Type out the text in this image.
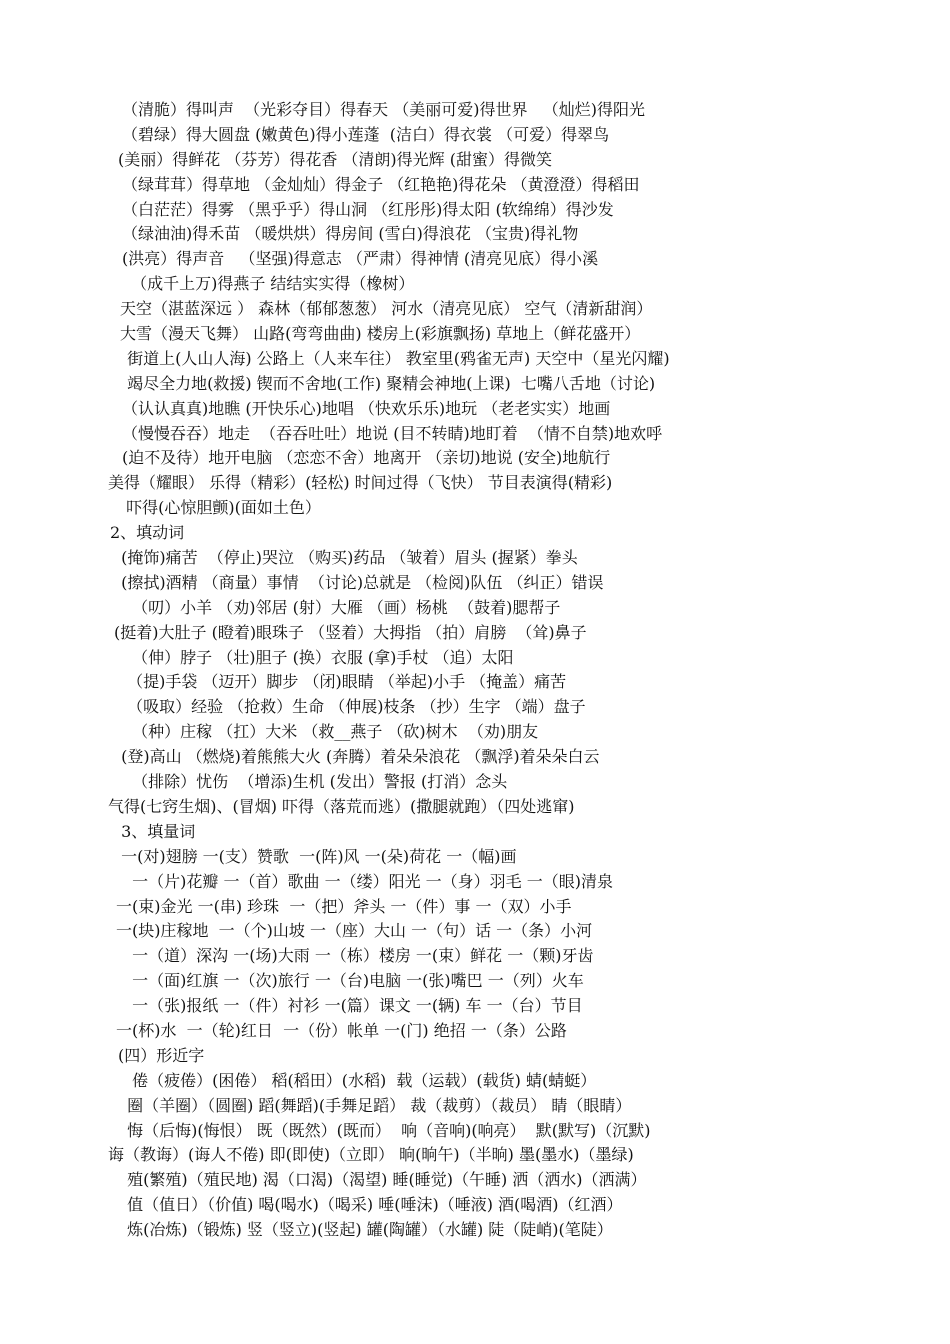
（清脆）得叫声  （光彩夺目）得春天 （美丽可爱)得世界   （灿烂)得阳光
（碧绿）得大圆盘 (嫩黄色)得小莲蓬  (洁白）得衣裳 （可爱）得翠鸟
(美丽）得鲜花 （芬芳）得花香 （清朗)得光辉 (甜蜜）得微笑
（绿茸茸）得草地 （金灿灿）得金子 （红艳艳)得花朵 （黄澄澄）得稻田
（白茫茫）得雾 （黑乎乎）得山洞 （红彤彤)得太阳 (软绵绵）得沙发
（绿油油)得禾苗 （暖烘烘）得房间 (雪白)得浪花 （宝贵)得礼物
(洪亮）得声音   （坚强)得意志 （严肃）得神情 (清亮见底）得小溪
（成千上万)得燕子 结结实实得（橡树）
天空（湛蓝深远 ） 森林（郁郁葱葱） 河水（清亮见底） 空气（清新甜润）
大雪（漫天飞舞） 山路(弯弯曲曲) 楼房上(彩旗飘扬) 草地上（鲜花盛开）
街道上(人山人海) 公路上（人来车往） 教室里(鸦雀无声) 天空中（星光闪耀)
竭尽全力地(救援) 锲而不舍地(工作) 聚精会神地(上课)  七嘴八舌地（讨论)
（认认真真)地瞧 (开快乐心)地唱 （快欢乐乐)地玩 （老老实实）地画
（慢慢吞吞）地走  （吞吞吐吐）地说 (目不转睛)地盯着  （情不自禁)地欢呼
(迫不及待）地开电脑 （恋恋不舍）地离开 （亲切)地说 (安全)地航行
美得（耀眼） 乐得（精彩）(轻松) 时间过得（飞快） 节目表演得(精彩)
吓得(心惊胆颤)(面如土色）
2、填动词
(掩饰)痛苦  （停止)哭泣 （购买)药品 （皱着）眉头 (握紧）拳头
(擦拭)酒精 （商量）事情  （讨论)总就是 （检阅)队伍 （纠正）错误
（叨）小羊 （劝)邻居 (射）大雁 （画）杨桃  （鼓着)腮帮子
(挺着)大肚子 (瞪着)眼珠子 （竖着）大拇指 （拍）肩膀  （耸)鼻子
（伸）脖子 （壮)胆子 (换）衣服 (拿)手杖 （追）太阳
（提)手袋 （迈开）脚步 （闭)眼睛 （举起)小手 （掩盖）痛苦
（吸取）经验 （抢救）生命 （伸展)枝条 （抄）生字 （端）盘子
（种）庄稼 （扛）大米 （救__燕子 （砍)树木  （劝)朋友
(登)高山 （燃烧)着熊熊大火 (奔腾）着朵朵浪花 （飘浮)着朵朵白云
（排除）忧伤  （增添)生机 (发出）警报 (打消）念头
气得(七窍生烟)、(冒烟) 吓得（落荒而逃）(撒腿就跑）（四处逃窜)
3、填量词
一(对)翅膀 一(支）赞歌  一(阵)风 一(朵)荷花 一（幅)画
一（片)花瓣 一（首）歌曲 一（缕）阳光 一（身）羽毛 一（眼)清泉
一(束)金光 一(串) 珍珠  一（把）斧头 一（件）事 一（双）小手
一(块)庄稼地  一（个)山坡 一（座）大山 一（句）话 一（条）小河
一（道）深沟 一(场)大雨 一（栋）楼房 一(束）鲜花 一（颗)牙齿
一（面)红旗 一（次)旅行 一（台)电脑 一(张)嘴巴 一（列）火车
一（张)报纸 一（件）衬衫 一(篇）课文 一(辆) 车 一（台）节目
一(杯)水  一（轮)红日  一（份）帐单 一(门) 绝招 一（条）公路
(四）形近字
倦（疲倦）(困倦） 稻(稻田）(水稻)  载（运载）(载货) 蜻(蜻蜓）
圈（羊圈）（圆圈) 蹈(舞蹈)(手舞足蹈） 裁（裁剪）（裁员） 睛（眼睛）
悔（后悔)(悔恨） 既（既然）(既而）  响（音响)(响亮）  默(默写)（沉默)
诲（教诲）(诲人不倦) 即(即使)（立即） 晌(晌午)（半晌) 墨(墨水)（墨绿)
殖(繁殖)（殖民地) 渴（口渴)（渴望) 睡(睡觉)（午睡) 洒（洒水)（洒满）
值（值日）（价值) 喝(喝水)（喝采) 唾(唾沫)（唾液) 酒(喝酒)（红酒）
炼(冶炼)（锻炼) 竖（竖立)(竖起) 罐(陶罐）（水罐) 陡（陡峭)(笔陡）
